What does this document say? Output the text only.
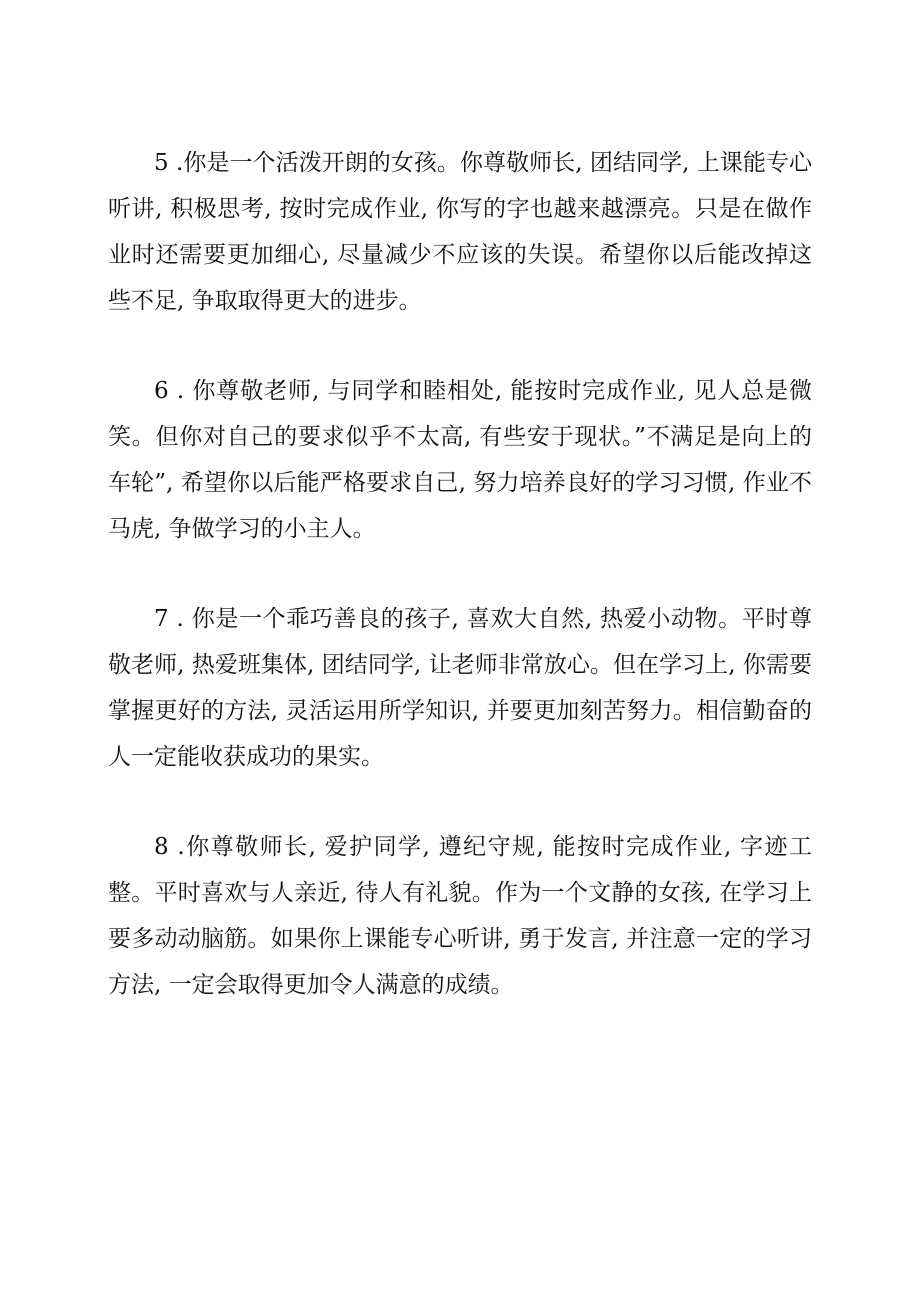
5 .你是一个活泼开朗的女孩。你尊敬师长, 团结同学, 上课能专心听讲, 积极思考, 按时完成作业, 你写的字也越来越漂亮。只是在做作业时还需要更加细心, 尽量减少不应该的失误。希望你以后能改掉这些不足, 争取取得更大的进步。

6 . 你尊敬老师, 与同学和睦相处, 能按时完成作业, 见人总是微笑。但你对自己的要求似乎不太高, 有些安于现状。”不满足是向上的车轮”, 希望你以后能严格要求自己, 努力培养良好的学习习惯, 作业不马虎, 争做学习的小主人。

7 . 你是一个乖巧善良的孩子, 喜欢大自然, 热爱小动物。平时尊敬老师, 热爱班集体, 团结同学, 让老师非常放心。但在学习上, 你需要掌握更好的方法, 灵活运用所学知识, 并要更加刻苦努力。相信勤奋的人一定能收获成功的果实。

8 .你尊敬师长, 爱护同学, 遵纪守规, 能按时完成作业, 字迹工整。平时喜欢与人亲近, 待人有礼貌。作为一个文静的女孩, 在学习上要多动动脑筋。如果你上课能专心听讲, 勇于发言, 并注意一定的学习方法, 一定会取得更加令人满意的成绩。
